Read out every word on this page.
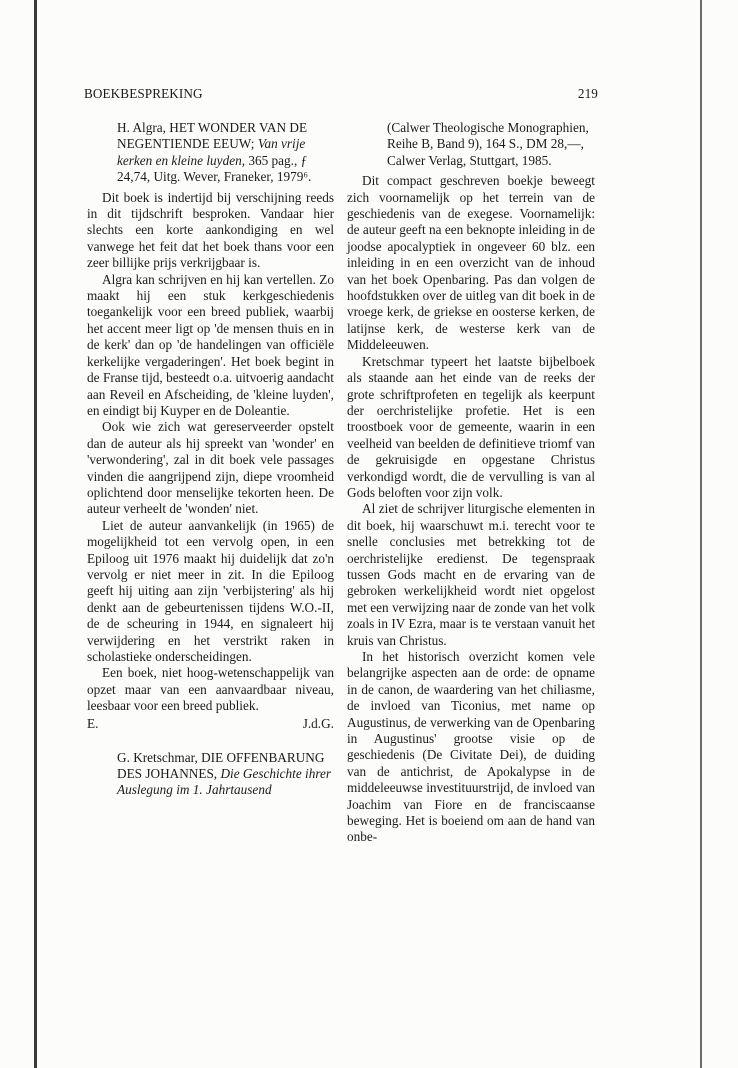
BOEKBESPREKING	219
H. Algra, HET WONDER VAN DE NEGENTIENDE EEUW; Van vrije kerken en kleine luyden, 365 pag., ƒ 24,74, Uitg. Wever, Franeker, 1979⁶.

Dit boek is indertijd bij verschijning reeds in dit tijdschrift besproken. Vandaar hier slechts een korte aankondiging en wel vanwege het feit dat het boek thans voor een zeer billijke prijs verkrijgbaar is.

Algra kan schrijven en hij kan vertellen. Zo maakt hij een stuk kerkgeschiedenis toegankelijk voor een breed publiek, waarbij het accent meer ligt op 'de mensen thuis en in de kerk' dan op 'de handelingen van officiële kerkelijke vergaderingen'. Het boek begint in de Franse tijd, besteedt o.a. uitvoerig aandacht aan Reveil en Afscheiding, de 'kleine luyden', en eindigt bij Kuyper en de Doleantie.

Ook wie zich wat gereserveerder opstelt dan de auteur als hij spreekt van 'wonder' en 'verwondering', zal in dit boek vele passages vinden die aangrijpend zijn, diepe vroomheid oplichtend door menselijke tekorten heen. De auteur verheelt de 'wonden' niet.

Liet de auteur aanvankelijk (in 1965) de mogelijkheid tot een vervolg open, in een Epiloog uit 1976 maakt hij duidelijk dat zo'n vervolg er niet meer in zit. In die Epiloog geeft hij uiting aan zijn 'verbijstering' als hij denkt aan de gebeurtenissen tijdens W.O.-II, de de scheuring in 1944, en signaleert hij verwijdering en het verstrikt raken in scholastieke onderscheidingen.

Een boek, niet hoog-wetenschappelijk van opzet maar van een aanvaardbaar niveau, leesbaar voor een breed publiek.

E.	J.d.G.
G. Kretschmar, DIE OFFENBARUNG DES JOHANNES, Die Geschichte ihrer Auslegung im 1. Jahrtausend
(Calwer Theologische Monographien, Reihe B, Band 9), 164 S., DM 28,—, Calwer Verlag, Stuttgart, 1985.

Dit compact geschreven boekje beweegt zich voornamelijk op het terrein van de geschiedenis van de exegese. Voornamelijk: de auteur geeft na een beknopte inleiding in de joodse apocalyptiek in ongeveer 60 blz. een inleiding in en een overzicht van de inhoud van het boek Openbaring. Pas dan volgen de hoofdstukken over de uitleg van dit boek in de vroege kerk, de griekse en oosterse kerken, de latijnse kerk, de westerse kerk van de Middeleeuwen.

Kretschmar typeert het laatste bijbelboek als staande aan het einde van de reeks der grote schriftprofeten en tegelijk als keerpunt der oerchristelijke profetie. Het is een troostboek voor de gemeente, waarin in een veelheid van beelden de definitieve triomf van de gekruisigde en opgestane Christus verkondigd wordt, die de vervulling is van al Gods beloften voor zijn volk.

Al ziet de schrijver liturgische elementen in dit boek, hij waarschuwt m.i. terecht voor te snelle conclusies met betrekking tot de oerchristelijke eredienst. De tegenspraak tussen Gods macht en de ervaring van de gebroken werkelijkheid wordt niet opgelost met een verwijzing naar de zonde van het volk zoals in IV Ezra, maar is te verstaan vanuit het kruis van Christus.

In het historisch overzicht komen vele belangrijke aspecten aan de orde: de opname in de canon, de waardering van het chiliasme, de invloed van Ticonius, met name op Augustinus, de verwerking van de Openbaring in Augustinus' grootse visie op de geschiedenis (De Civitate Dei), de duiding van de antichrist, de Apokalypse in de middeleeuwse investituurstrijd, de invloed van Joachim van Fiore en de franciscaanse beweging. Het is boeiend om aan de hand van onbe-
